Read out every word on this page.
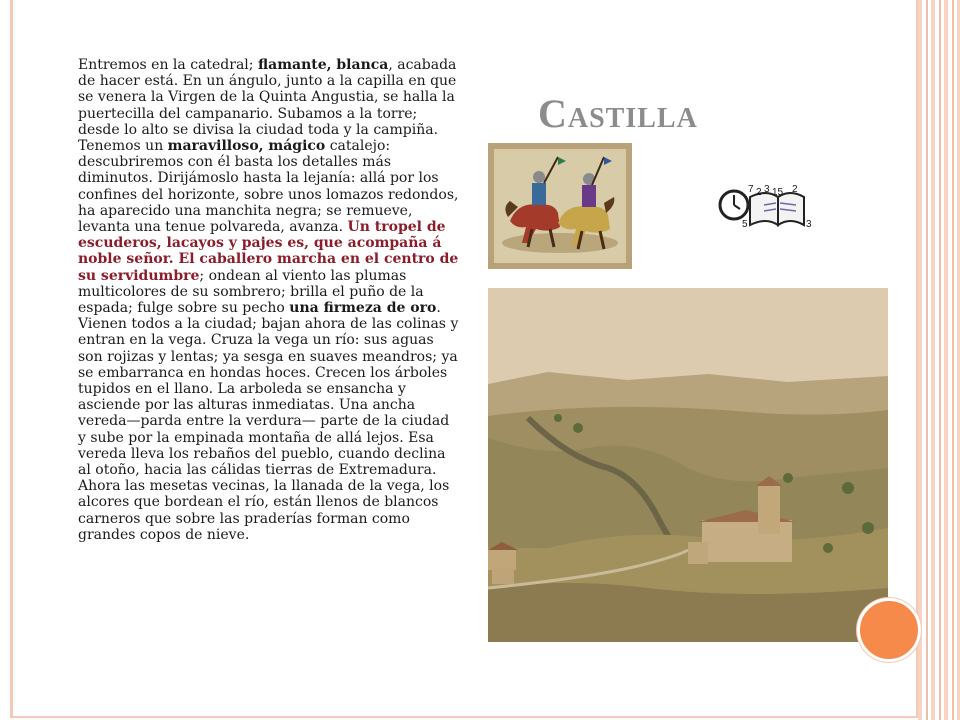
Entremos en la catedral; flamante, blanca, acabada de hacer está. En un ángulo, junto a la capilla en que se venera la Virgen de la Quinta Angustia, se halla la puertecilla del campanario. Subamos a la torre; desde lo alto se divisa la ciudad toda y la campiña. Tenemos un maravilloso, mágico catalejo: descubriremos con él basta los detalles más diminutos. Dirijámoslo hasta la lejanía: allá por los confines del horizonte, sobre unos lomazos redondos, ha aparecido una manchita negra; se remueve, levanta una tenue polvareda, avanza. Un tropel de escuderos, lacayos y pajes es, que acompaña á noble señor. El caballero marcha en el centro de su servidumbre; ondean al viento las plumas multicolores de su sombrero; brilla el puño de la espada; fulge sobre su pecho una firmeza de oro. Vienen todos a la ciudad; bajan ahora de las colinas y entran en la vega. Cruza la vega un río: sus aguas son rojizas y lentas; ya sesga en suaves meandros; ya se embarranca en hondas hoces. Crecen los árboles tupidos en el llano. La arboleda se ensancha y asciende por las alturas inmediatas. Una ancha vereda—parda entre la verdura— parte de la ciudad y sube por la empinada montaña de allá lejos. Esa vereda lleva los rebaños del pueblo, cuando declina al otoño, hacia las cálidas tierras de Extremadura. Ahora las mesetas vecinas, la llanada de la vega, los alcores que bordean el río, están llenos de blancos carneros que sobre las praderías forman como grandes copos de nieve.

Castilla
7 2 3 15 2
5	3
